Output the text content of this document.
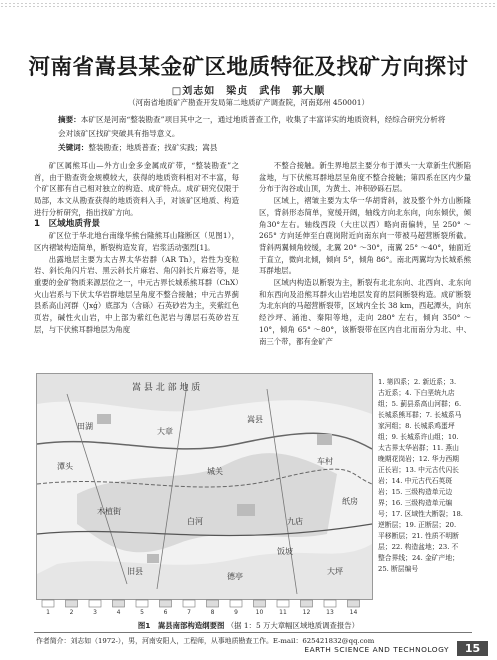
河南省嵩县某金矿区地质特征及找矿方向探讨
□刘志如　梁贞　武伟　郭大顺
（河南省地质矿产勘查开发局第二地质矿产调查院，河南郑州 450001）
摘要：本矿区是河南“整装勘查”项目其中之一，通过地质普查工作，收集了丰富详实的地质资料，经综合研究分析将会对该矿区找矿突破具有指导意义。
关键词：整装勘查；地质普查；找矿实践；嵩县

矿区属熊耳山—外方山金多金属成矿带，“整装勘查”之首，由于勘查资金规模较大，获得的地质资料相对不丰富，每个矿区都有自己相对独立的构造、成矿特点。成矿研究仅限于局部，本文从勘查获得的地质资料入手，对该矿区地质、构造进行分析研究，指出找矿方向。

1　区域地质背景

矿区位于华北地台南缘华熊台隆熊耳山隆断区（见图1），区内褶皱构造简单，断裂构造发育，岩浆活动强烈[1]。

出露地层主要为太古界太华岩群（AR Th），岩性为变粒岩、斜长角闪片岩、黑云斜长片麻岩、角闪斜长片麻岩等，是重要的金矿物质来源层位之一，中元古界长城系熊耳群（ChX）火山岩系与下伏太华岩群地层呈角度不整合接触；中元古界蓟县系高山河群（Jxǵ）底部为（含砾）石英砂岩为主，夹紫红色页岩，碱性火山岩，中上部为紫红色泥岩与薄层石英砂岩互层，与下伏熊耳群地层为角度

不整合接触。新生界地层主要分布于潭头一大章新生代断陷盆地，与下伏熊耳群地层呈角度不整合接触；第四系在区内少量分布于沟谷或山顶，为黄土、冲积砂砾石层。

区域上，褶皱主要为太华一华胡背斜，波及整个外方山断隆区，背斜形态简单，宽缓开阔，轴线方向北东向，向东倾伏，倾角30°左右。轴线西段（大庄以西）略向南偏转，呈 250° ～ 265° 方向延伸至白鹿岗附近向南东向一带被马超营断裂所截。背斜两翼倾角较缓，北翼 20° ～30°，南翼 25° ～40°，轴面近于直立，微向北倾，倾向 5°，倾角 86°。南北两翼均为长城系熊耳群地层。

区域内构造以断裂为主，断裂有北北东向、北西向、北东向和东西向及沿熊耳群火山岩地层发育的层间断裂构造。成矿断裂为北东向的马超营断裂带，区域内全长 38 km，西起潭头，向东经沙坪、涌池、秦阳等地，走向 280° 左右，倾向 350° ～10°，倾角 65° ～80°，该断裂带在区内自北而南分为北、中、南三个带，都有金矿产

嵩 县 北 部 地 质
田湖
大章
嵩县
车村
木植街
白河	九店
旧县
德亭
大坪
潭头
城关
饭坡
纸房
1. 第四系；2. 新近系；3. 古近系；4. 下白垩统九店组；5. 蓟县系高山河群；6. 长城系熊耳群；7. 长城系马家河组；8. 长城系鸡蛋坪组；9. 长城系许山组；10. 太古界太华岩群；11. 燕山晚期花岗岩；12. 华力西期正长岩；13. 中元古代闪长岩；14. 中元古代石英斑岩；15. 三级构造单元边界；16. 三级构造单元编号；17. 区域性大断裂；18. 逆断层；19. 正断层；20. 平移断层；21. 性质不明断层；22. 构造盆地；23. 不整合界线；24. 金矿产地；25. 断层编号
1	2	3	4	5	6	7	8	9	10	11	12	13	14
图1　嵩县南部构造纲要图 （据 1：5 万大章幅区域地质调查报告）
作者简介：刘志如（1972-），男，河南安阳人，工程师，从事地质勘查工作。E-mail：625421832@qq.com
EARTH SCIENCE AND TECHNOLOGY	15
